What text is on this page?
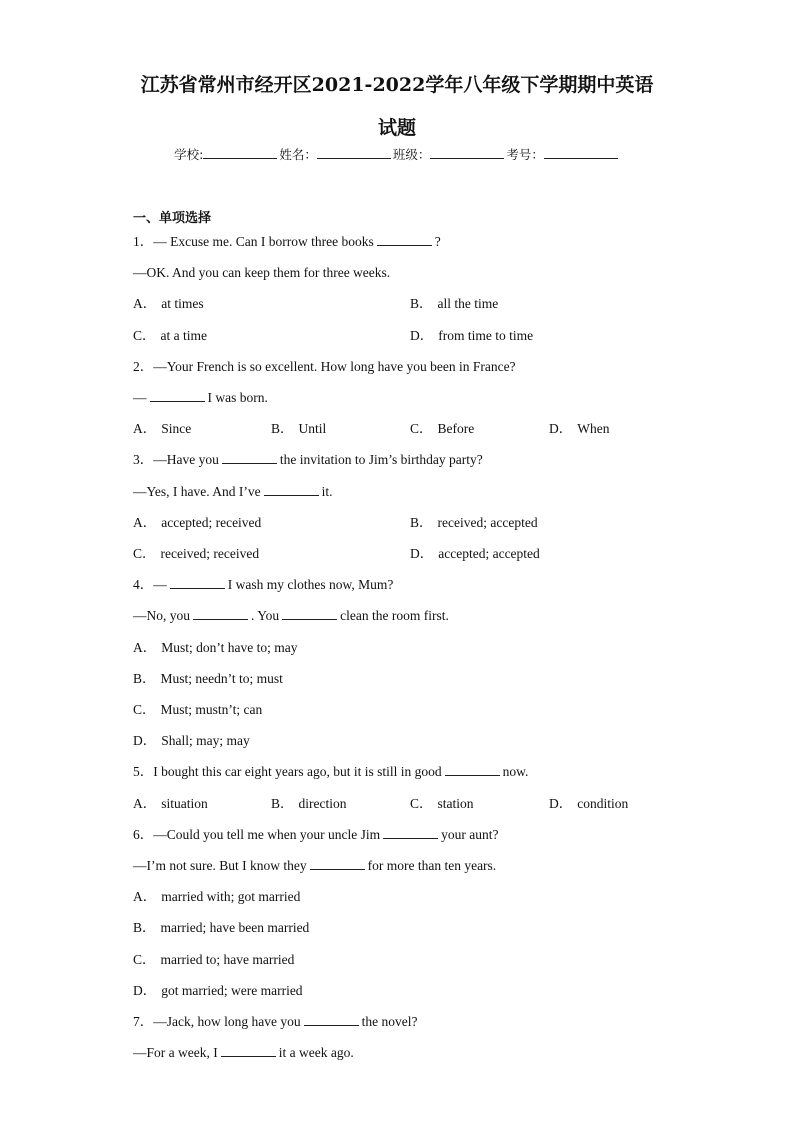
江苏省常州市经开区2021-2022学年八年级下学期期中英语
试题
学校:	姓名：	班级：	考号：
一、单项选择
1．— Excuse me. Can I borrow three books	?
—OK. And you can keep them for three weeks.
A． at times	B． all the time
C． at a time	D． from time to time
2．—Your French is so excellent. How long have you been in France?
—	I was born.
A． Since	B． Until	C． Before	D． When
3．—Have you	the invitation to Jim’s birthday party?
—Yes, I have. And I’ve	it.
A． accepted; received	B． received; accepted
C． received; received	D． accepted; accepted
4．—	I wash my clothes now, Mum?
—No, you	. You	clean the room first.
A． Must; don’t have to; may
B． Must; needn’t to; must
C． Must; mustn’t; can
D． Shall; may; may
5．I bought this car eight years ago, but it is still in good	now.
A． situation	B． direction	C． station	D． condition
6．—Could you tell me when your uncle Jim	your aunt?
—I’m not sure. But I know they	for more than ten years.
A． married with; got married
B． married; have been married
C． married to; have married
D． got married; were married
7．—Jack, how long have you	the novel?
—For a week, I	it a week ago.
